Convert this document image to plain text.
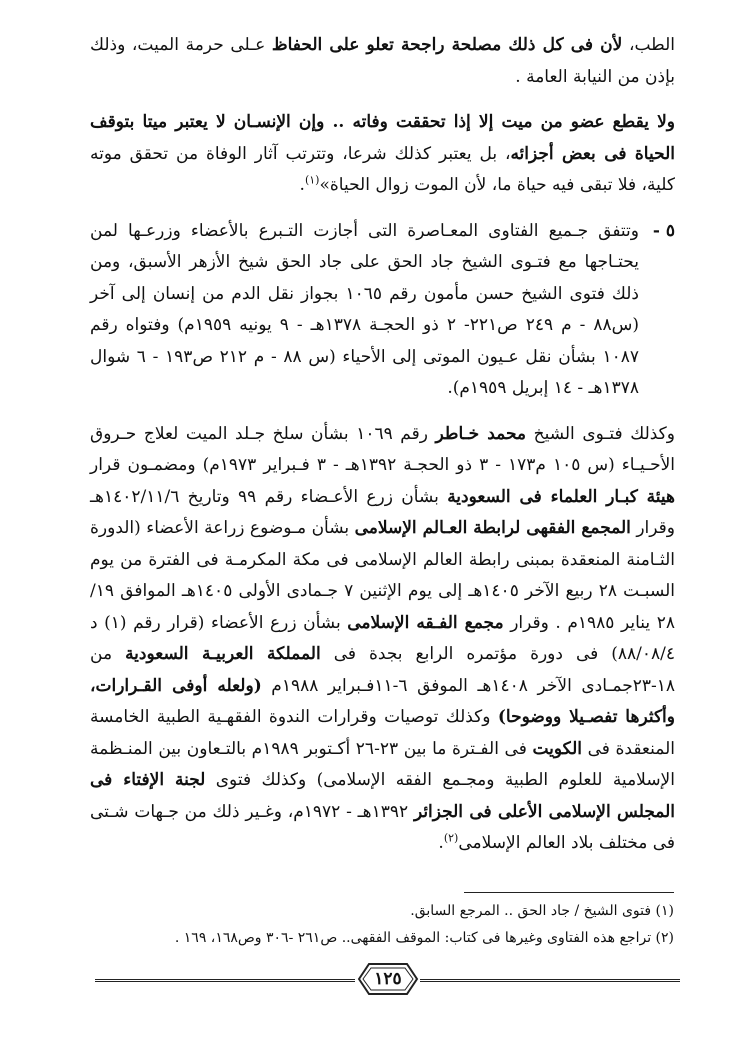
الطب، لأن فى كل ذلك مصلحة راجحة تعلو على الحفاظ عـلى حرمة الميت، وذلك بإذن من النيابة العامة .

ولا يقطع عضو من ميت إلا إذا تحققت وفاته .. وإن الإنسـان لا يعتبر ميتا بتوقف الحياة فى بعض أجزائه، بل يعتبر كذلك شرعا، وتترتب آثار الوفاة من تحقق موته كلية، فلا تبقى فيه حياة ما، لأن الموت زوال الحياة»$^{(١)}$.

٥ -
وتتفق جـميع الفتاوى المعـاصرة التى أجازت التـبرع بالأعضاء وزرعـها لمن يحتـاجها مع فتـوى الشيخ جاد الحق على جاد الحق شيخ الأزهر الأسبق، ومن ذلك فتوى الشيخ حسن مأمون رقم ١٠٦٥ بجواز نقل الدم من إنسان إلى آخر (س٨٨ - م ٢٤٩ ص٢٢١- ٢ ذو الحجـة ١٣٧٨هـ - ٩ يونيه ١٩٥٩م) وفتواه رقم ١٠٨٧ بشأن نقل عـيون الموتى إلى الأحياء (س ٨٨ - م ٢١٢ ص١٩٣ - ٦ شوال ١٣٧٨هـ - ١٤ إبريل ١٩٥٩م).

وكذلك فتـوى الشيخ محمد خـاطر رقم ١٠٦٩ بشأن سلخ جـلد الميت لعلاج حـروق الأحـيـاء (س ١٠٥ م١٧٣ - ٣ ذو الحجـة ١٣٩٢هـ - ٣ فـبراير ١٩٧٣م) ومضمـون قرار هيئة كبـار العلماء فى السعودية بشأن زرع الأعـضاء رقم ٩٩ وتاريخ ١٤٠٢/١١/٦هـ وقرار المجمع الفقهى لرابطة العـالم الإسلامى بشأن مـوضوع زراعة الأعضاء (الدورة الثـامنة المنعقدة بمبنى رابطة العالم الإسلامى فى مكة المكرمـة فى الفترة من يوم السبـت ٢٨ ربيع الآخر ١٤٠٥هـ إلى يوم الإثنين ٧ جـمادى الأولى ١٤٠٥هـ الموافق ١٩/ ٢٨ يناير ١٩٨٥م . وقرار مجمع الفـقه الإسلامى بشأن زرع الأعضاء (قرار رقم (١) د ٨٨/٠٨/٤) فى دورة مؤتمره الرابع بجدة فى المملكة العربيـة السعودية من ١٨-٢٣جمـادى الآخر ١٤٠٨هـ الموفق ٦-١١فـبراير ١٩٨٨م (ولعله أوفى القـرارات، وأكثرها تفصـيلا ووضوحا) وكذلك توصيات وقرارات الندوة الفقهـية الطبية الخامسة المنعقدة فى الكويت فى الفـترة ما بين ٢٣-٢٦ أكـتوبر ١٩٨٩م بالتـعاون بين المنـظمة الإسلامية للعلوم الطبية ومجـمع الفقه الإسلامى) وكذلك فتوى لجنة الإفتاء فى المجلس الإسلامى الأعلى فى الجزائر ١٣٩٢هـ - ١٩٧٢م، وغـير ذلك من جـهات شـتى فى مختلف بلاد العالم الإسلامى$^{(٢)}$.

(١) فتوى الشيخ / جاد الحق .. المرجع السابق.
(٢) تراجع هذه الفتاوى وغيرها فى كتاب: الموقف الفقهى.. ص٢٦١ -٣٠٦ وص١٦٨، ١٦٩ .
١٢٥
